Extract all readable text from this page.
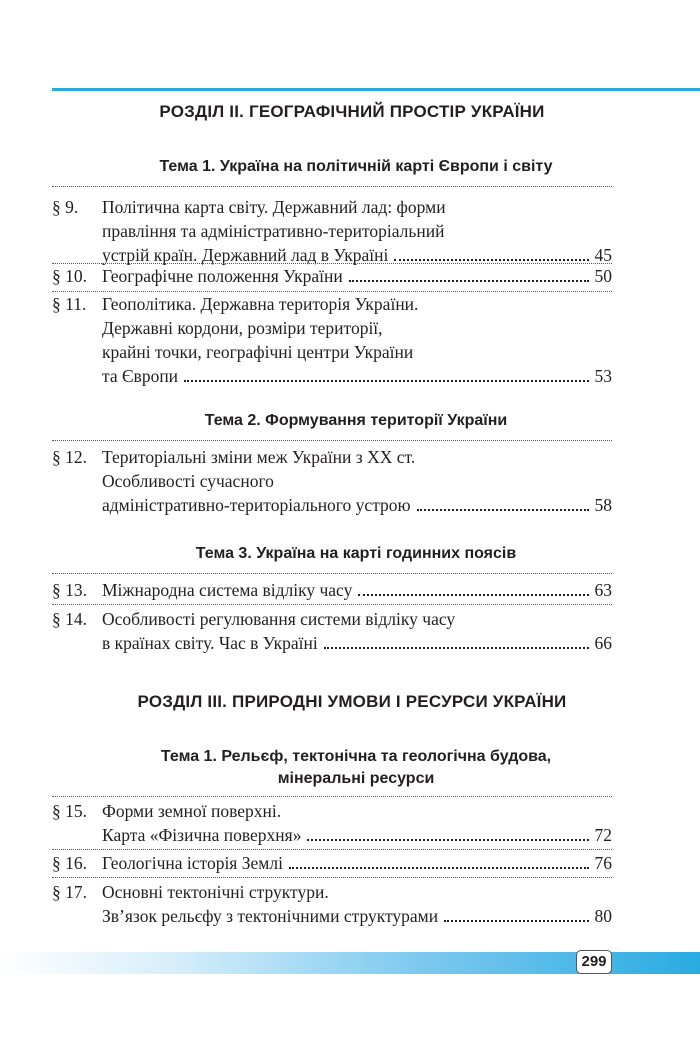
РОЗДІЛ ІІ. ГЕОГРАФІЧНИЙ ПРОСТІР УКРАЇНИ
Тема 1. Україна на політичній карті Європи і світу
§ 9. Політична карта світу. Державний лад: форми
правління та адміністративно-територіальний
устрій країн. Державний лад в Україні	45
§ 10. Географічне положення України	50
§ 11. Геополітика. Державна територія України.
Державні кордони, розміри території,
крайні точки, географічні центри України
та Європи	53
Тема 2. Формування території України
§ 12. Територіальні зміни меж України з XX ст.
Особливості сучасного
адміністративно-територіального устрою	58
Тема 3. Україна на карті годинних поясів
§ 13. Міжнародна система відліку часу	63
§ 14. Особливості регулювання системи відліку часу
в країнах світу. Час в Україні	66
РОЗДІЛ ІІІ. ПРИРОДНІ УМОВИ І РЕСУРСИ УКРАЇНИ
Тема 1. Рельєф, тектонічна та геологічна будова,
мінеральні ресурси
§ 15. Форми земної поверхні.
Карта «Фізична поверхня»	72
§ 16. Геологічна історія Землі	76
§ 17. Основні тектонічні структури.
Зв’язок рельєфу з тектонічними структурами	80
299
